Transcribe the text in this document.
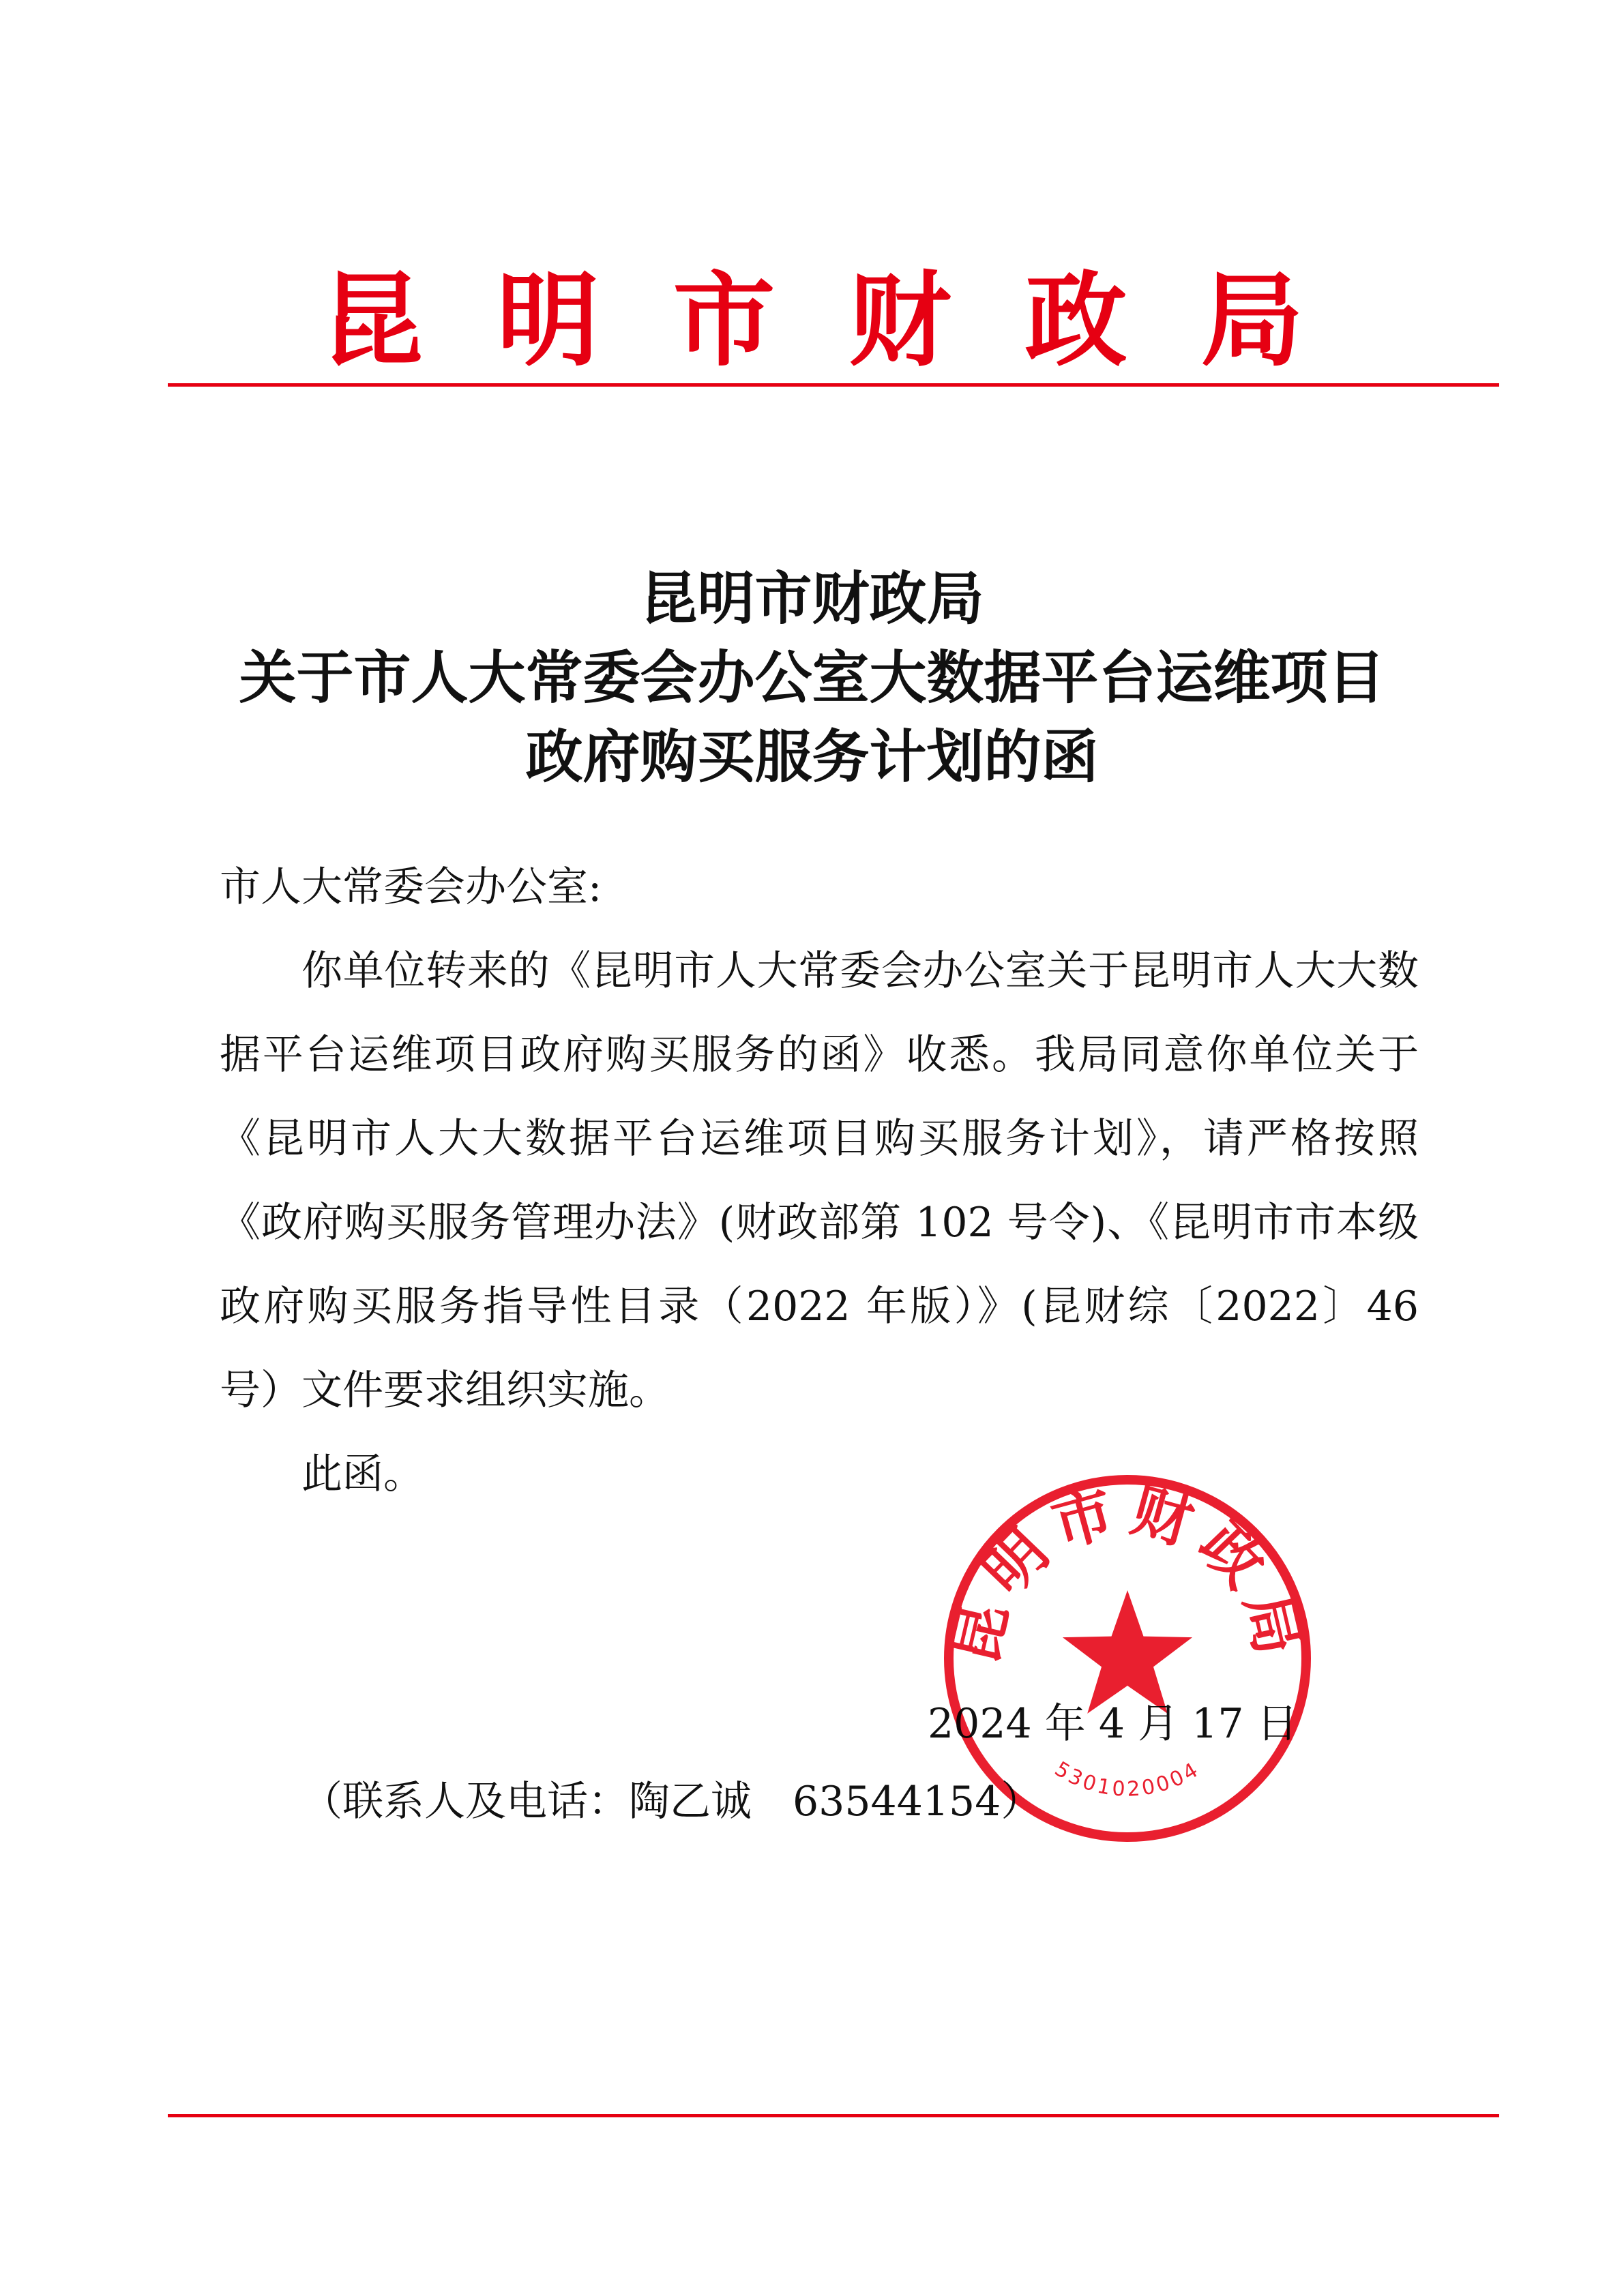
昆明市财政局
昆明市财政局
关于市人大常委会办公室大数据平台运维项目
政府购买服务计划的函
市人大常委会办公室:
你单位转来的《昆明市人大常委会办公室关于昆明市人大大数据平台运维项目政府购买服务的函》收悉。我局同意你单位关于《昆明市人大大数据平台运维项目购买服务计划》，请严格按照《政府购买服务管理办法》(财政部第 102 号令)、《昆明市市本级政府购买服务指导性目录（2022 年版）》(昆财综〔2022〕46 号）文件要求组织实施。
此函。
昆明市财政局
5301020004
2024 年 4 月 17 日
（联系人及电话：陶乙诚 63544154）
